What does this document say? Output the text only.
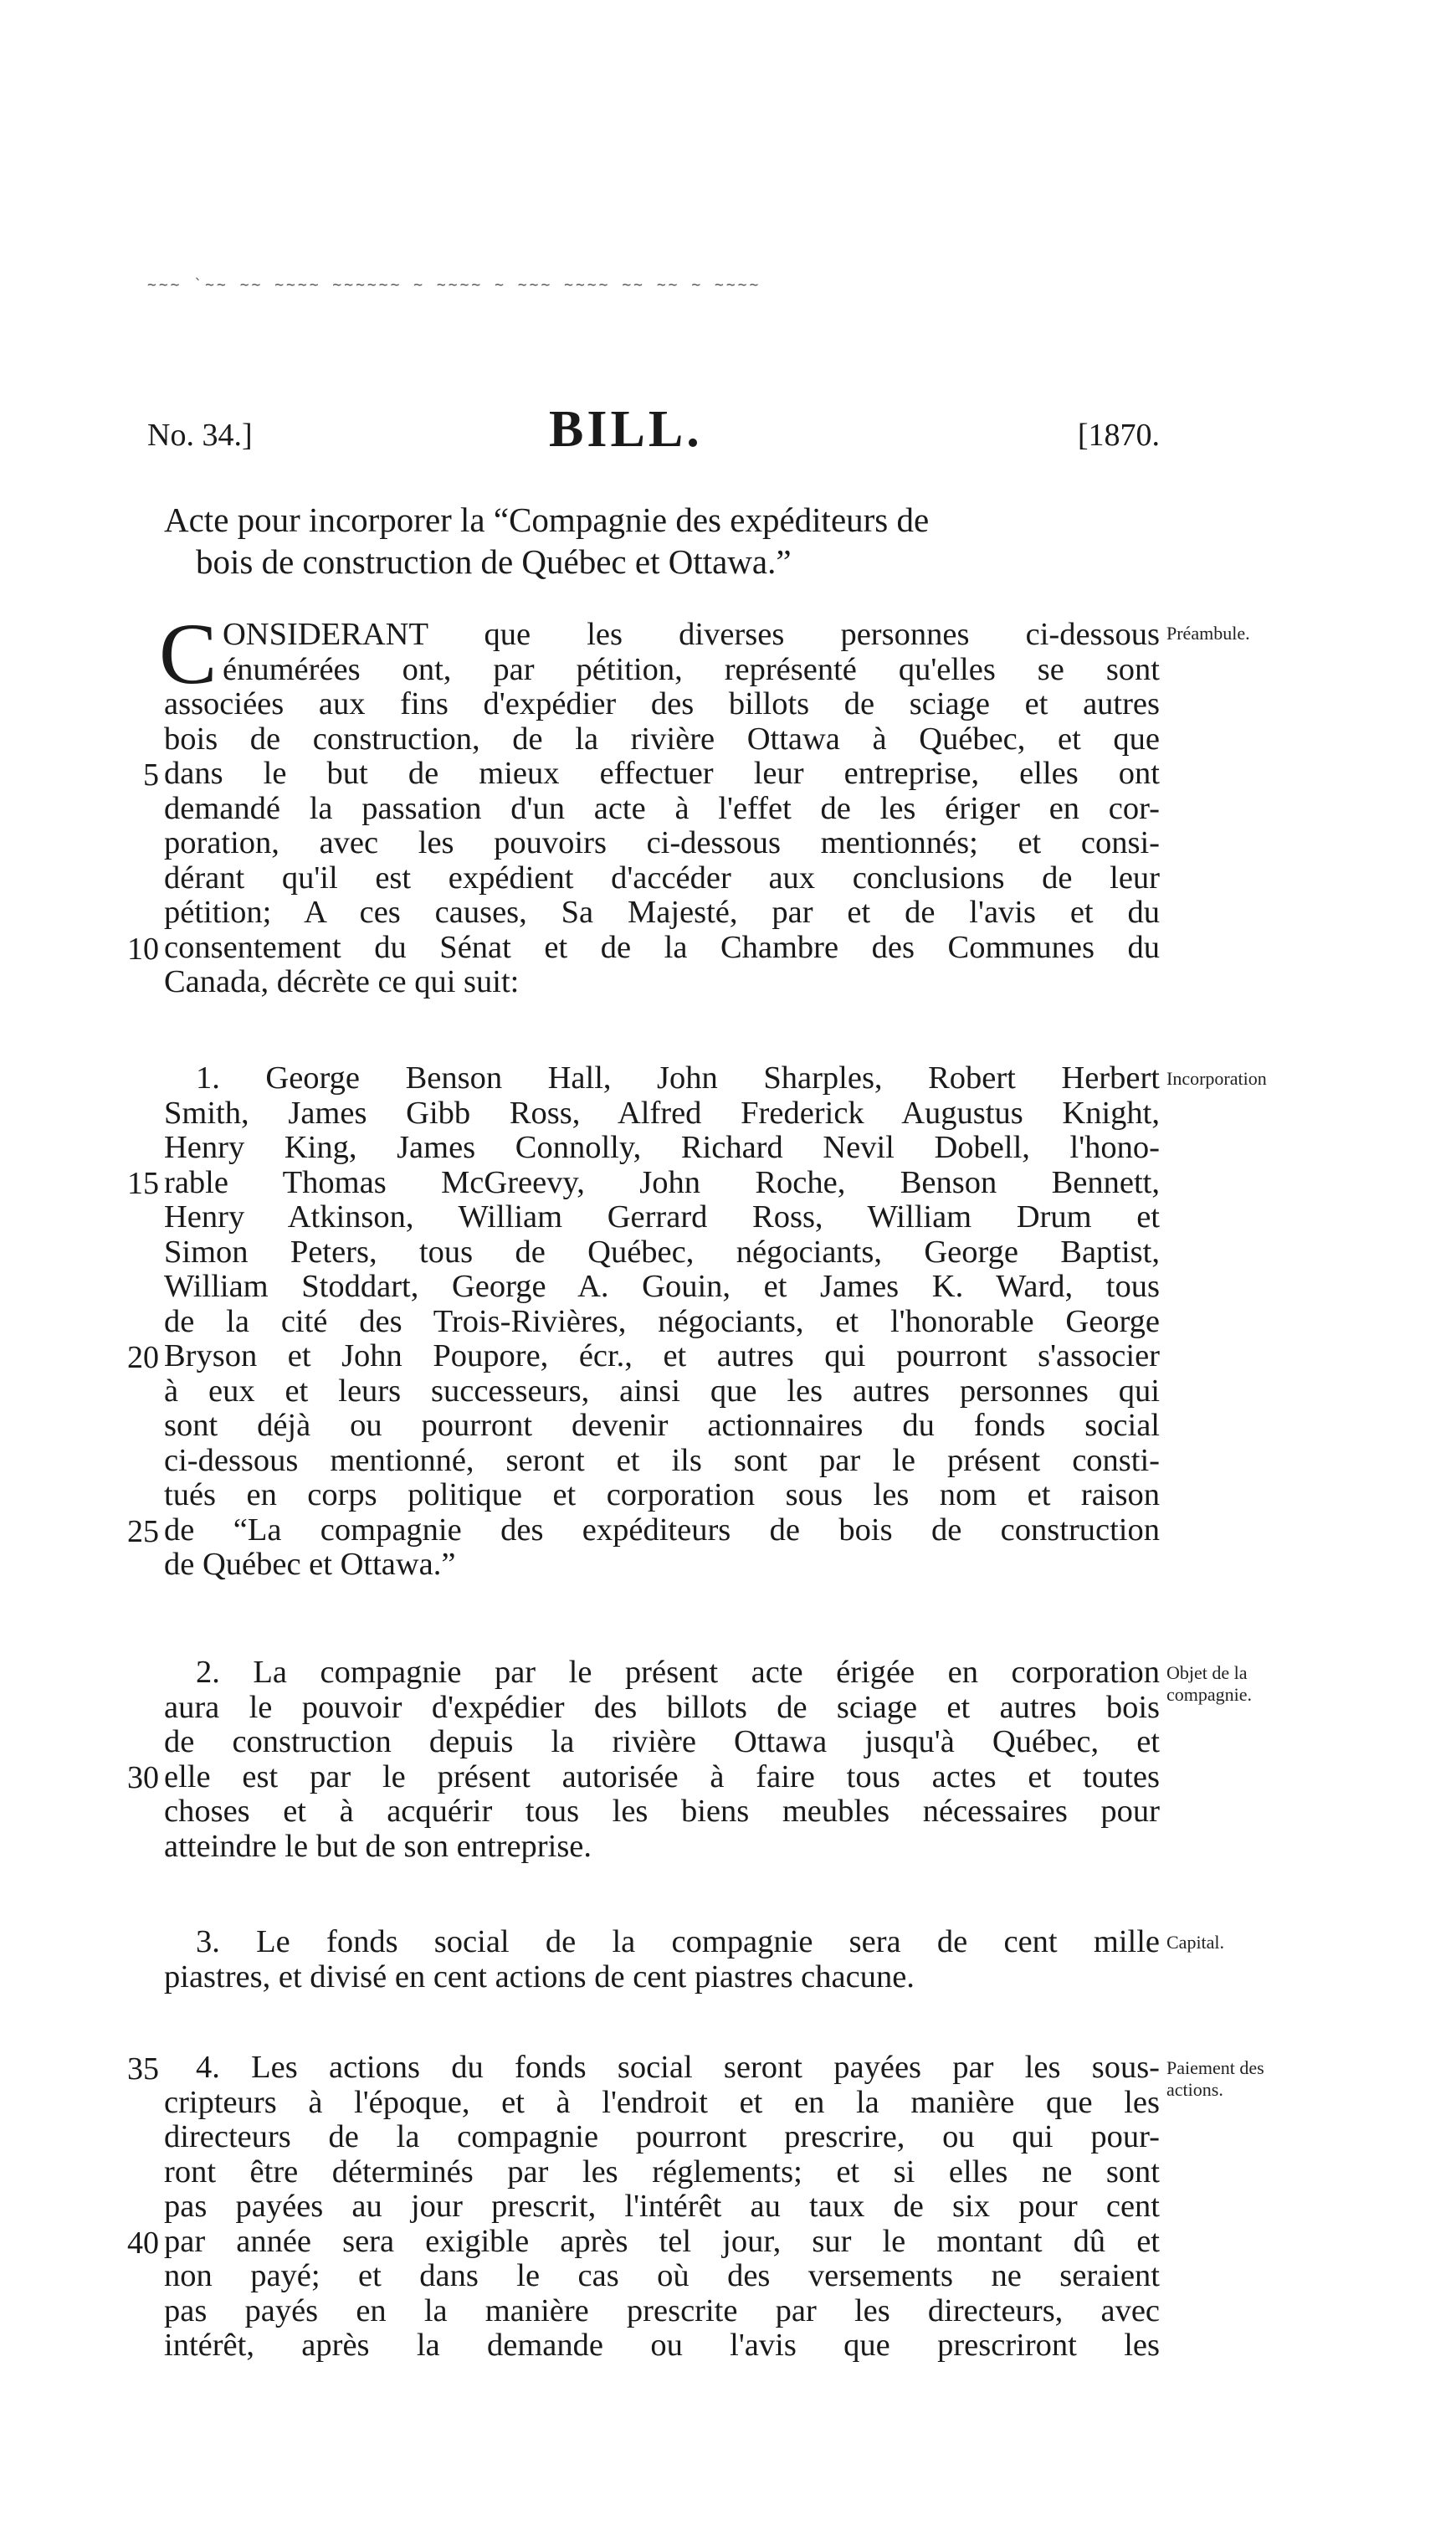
~~~ `~~ ~~ ~~~~ ~~~~~~ ~ ~~~~ ~ ~~~ ~~~~ ~~ ~~ ~ ~~~~
No. 34.]	BILL.	[1870.
Acte pour incorporer la “Compagnie des expéditeurs de
bois de construction de Québec et Ottawa.”
C ONSIDERANT que les diverses personnes ci-dessous
énumérées ont, par pétition, représenté qu'elles se sont
associées aux fins d'expédier des billots de sciage et autres
bois de construction, de la rivière Ottawa à Québec, et que
dans le but de mieux effectuer leur entreprise, elles ont
demandé la passation d'un acte à l'effet de les ériger en cor-
poration, avec les pouvoirs ci-dessous mentionnés; et consi-
dérant qu'il est expédient d'accéder aux conclusions de leur
pétition; A ces causes, Sa Majesté, par et de l'avis et du
consentement du Sénat et de la Chambre des Communes du
Canada, décrète ce qui suit:
Préambule.
1. George Benson Hall, John Sharples, Robert Herbert
Smith, James Gibb Ross, Alfred Frederick Augustus Knight,
Henry King, James Connolly, Richard Nevil Dobell, l'hono-
rable Thomas McGreevy, John Roche, Benson Bennett,
Henry Atkinson, William Gerrard Ross, William Drum et
Simon Peters, tous de Québec, négociants, George Baptist,
William Stoddart, George A. Gouin, et James K. Ward, tous
de la cité des Trois-Rivières, négociants, et l'honorable George
Bryson et John Poupore, écr., et autres qui pourront s'associer
à eux et leurs successeurs, ainsi que les autres personnes qui
sont déjà ou pourront devenir actionnaires du fonds social
ci-dessous mentionné, seront et ils sont par le présent consti-
tués en corps politique et corporation sous les nom et raison
de “La compagnie des expéditeurs de bois de construction
de Québec et Ottawa.”
Incorporation
2. La compagnie par le présent acte érigée en corporation
aura le pouvoir d'expédier des billots de sciage et autres bois
de construction depuis la rivière Ottawa jusqu'à Québec, et
elle est par le présent autorisée à faire tous actes et toutes
choses et à acquérir tous les biens meubles nécessaires pour
atteindre le but de son entreprise.
Objet de la
compagnie.
3. Le fonds social de la compagnie sera de cent mille
piastres, et divisé en cent actions de cent piastres chacune.
Capital.
4. Les actions du fonds social seront payées par les sous-
cripteurs à l'époque, et à l'endroit et en la manière que les
directeurs de la compagnie pourront prescrire, ou qui pour-
ront être déterminés par les réglements; et si elles ne sont
pas payées au jour prescrit, l'intérêt au taux de six pour cent
par année sera exigible après tel jour, sur le montant dû et
non payé; et dans le cas où des versements ne seraient
pas payés en la manière prescrite par les directeurs, avec
intérêt, après la demande ou l'avis que prescriront les
Paiement des
actions.
5
10
15
20
25
30
35
40
